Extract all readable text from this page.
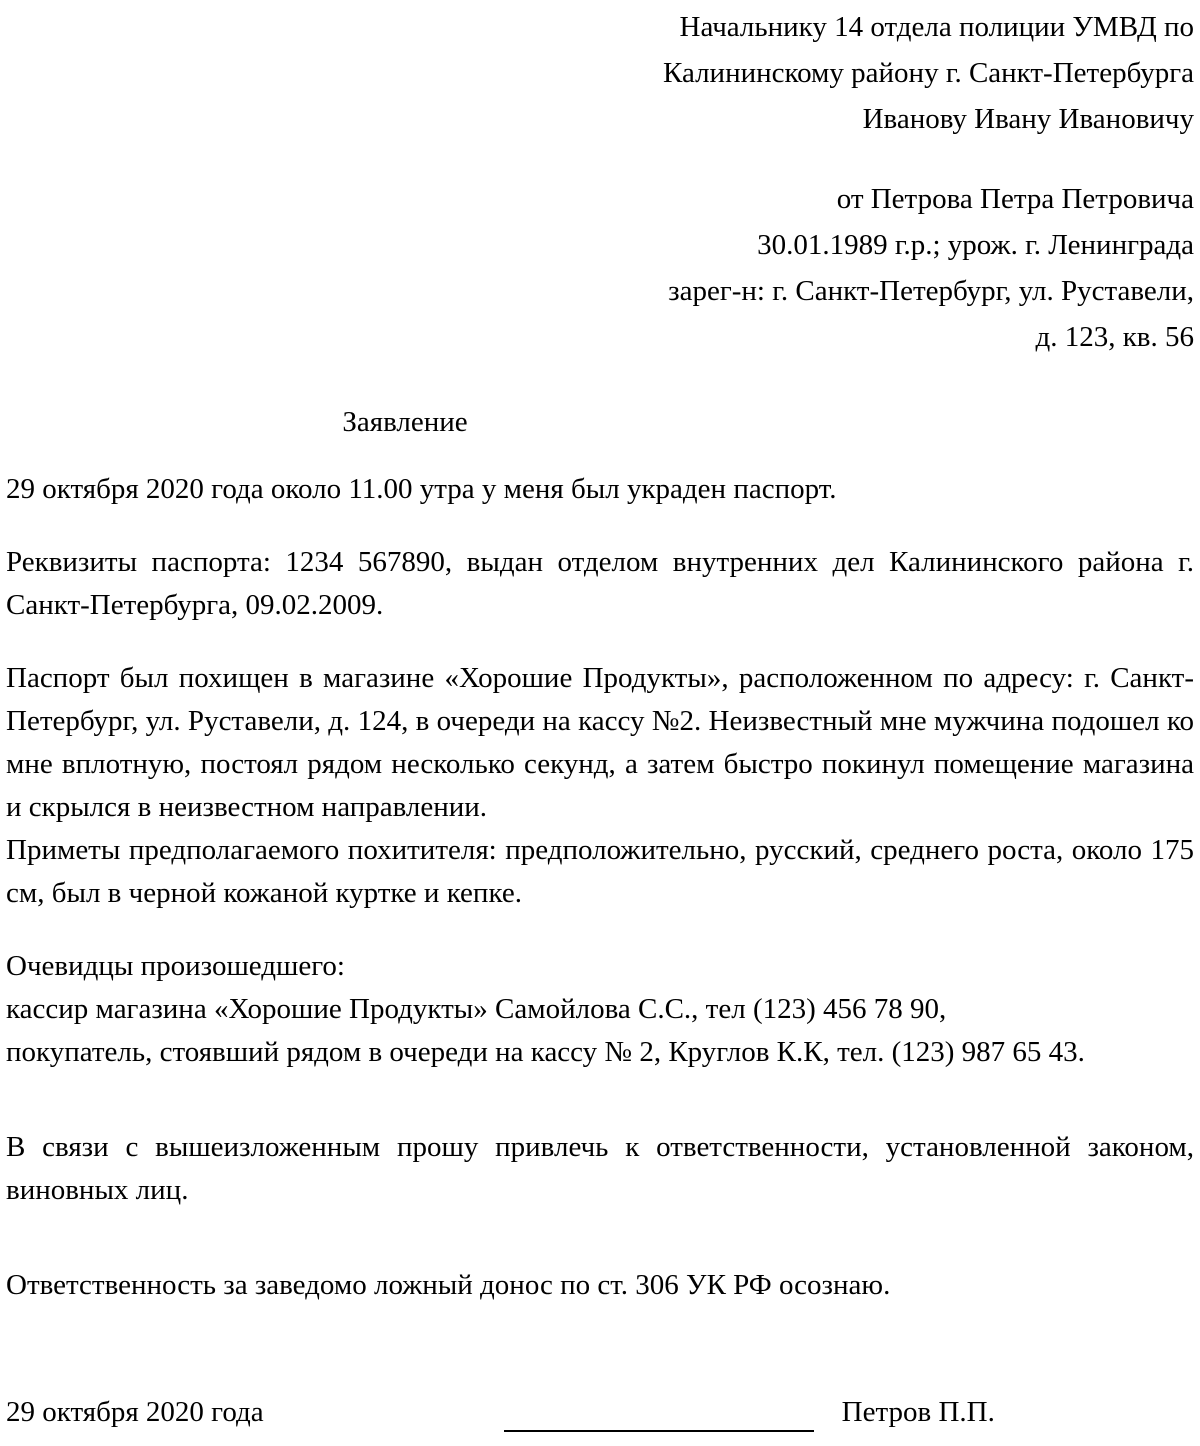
Начальнику 14 отдела полиции УМВД по
Калининскому району г. Санкт-Петербурга
Иванову Ивану Ивановичу
от Петрова Петра Петровича
30.01.1989 г.р.; урож. г. Ленинграда
зарег-н: г. Санкт-Петербург, ул. Руставели,
д. 123, кв. 56
Заявление

29 октября 2020 года около 11.00 утра у меня был украден паспорт.

Реквизиты паспорта: 1234 567890, выдан отделом внутренних дел Калининского района г. Санкт-Петербурга, 09.02.2009.

Паспорт был похищен в магазине «Хорошие Продукты», расположенном по адресу: г. Санкт-Петербург, ул. Руставели, д. 124, в очереди на кассу №2. Неизвестный мне мужчина подошел ко мне вплотную, постоял рядом несколько секунд, а затем быстро покинул помещение магазина и скрылся в неизвестном направлении.

Приметы предполагаемого похитителя: предположительно, русский, среднего роста, около 175 см, был в черной кожаной куртке и кепке.

Очевидцы произошедшего:
кассир магазина «Хорошие Продукты» Самойлова С.С., тел (123) 456 78 90,
покупатель, стоявший рядом в очереди на кассу № 2, Круглов К.К, тел. (123) 987 65 43.

В связи с вышеизложенным прошу привлечь к ответственности, установленной законом, виновных лиц.

Ответственность за заведомо ложный донос по ст. 306 УК РФ осознаю.

29 октября 2020 года	Петров П.П.
